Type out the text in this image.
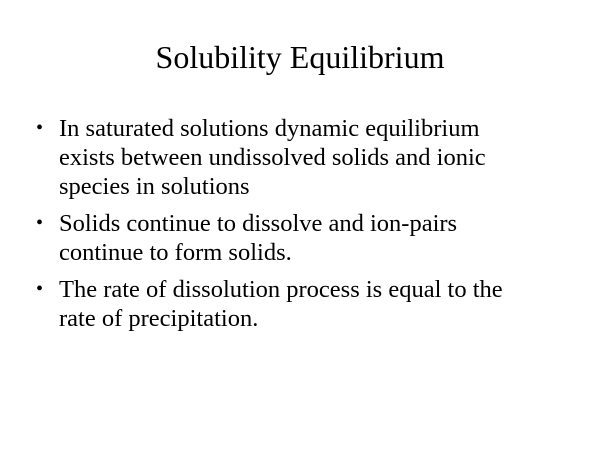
Solubility Equilibrium
• In saturated solutions dynamic equilibrium
exists between undissolved solids and ionic
species in solutions
• Solids continue to dissolve and ion-pairs
continue to form solids.
• The rate of dissolution process is equal to the
rate of precipitation.
